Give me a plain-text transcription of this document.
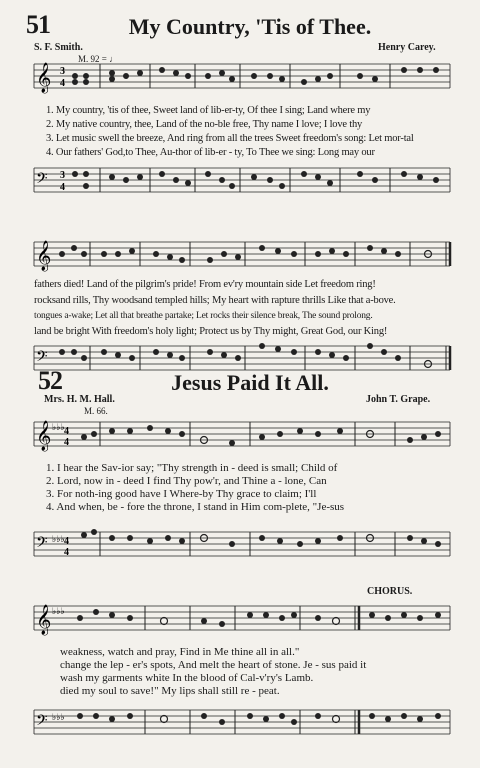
51	My Country, 'Tis of Thee.
S. F. Smith.	Henry Carey.
M. 92 = ♩
𝄞 3
4
1. My country, 'tis of thee, Sweet land of lib-er-ty, Of thee I sing; Land where my
2. My native country, thee, Land of the no-ble free, Thy name I love; I love thy
3. Let music swell the breeze, And ring from all the trees Sweet freedom's song: Let mor-tal
4. Our fathers' God,to Thee, Au-thor of lib-er - ty, To Thee we sing: Long may our
𝄢 3
4
𝄞
fathers died! Land of the pilgrim's pride! From ev'ry mountain side Let freedom ring!
rocksand rills, Thy woodsand templed hills; My heart with rapture thrills Like that a-bove.
tongues a-wake; Let all that breathe partake; Let rocks their silence break, The sound prolong.
land be bright With freedom's holy light; Protect us by Thy might, Great God, our King!
𝄢
52	Jesus Paid It All.
Mrs. H. M. Hall.	John T. Grape.
M. 66.
𝄞 ♭♭♭ 4
4
1. I hear the Sav-ior say; "Thy strength in - deed is small; Child of
2. Lord, now in - deed I find Thy pow'r, and Thine a - lone, Can
3. For noth-ing good have I Where-by Thy grace to claim; I'll
4. And when, be - fore the throne, I stand in Him com-plete, "Je-sus
𝄢 ♭♭♭ 4
4
CHORUS.
𝄞 ♭♭♭
weakness, watch and pray, Find in Me thine all in all."
change the lep - er's spots, And melt the heart of stone. Je - sus paid it
wash my garments white In the blood of Cal-v'ry's Lamb.
died my soul to save!" My lips shall still re - peat.
𝄢 ♭♭♭
